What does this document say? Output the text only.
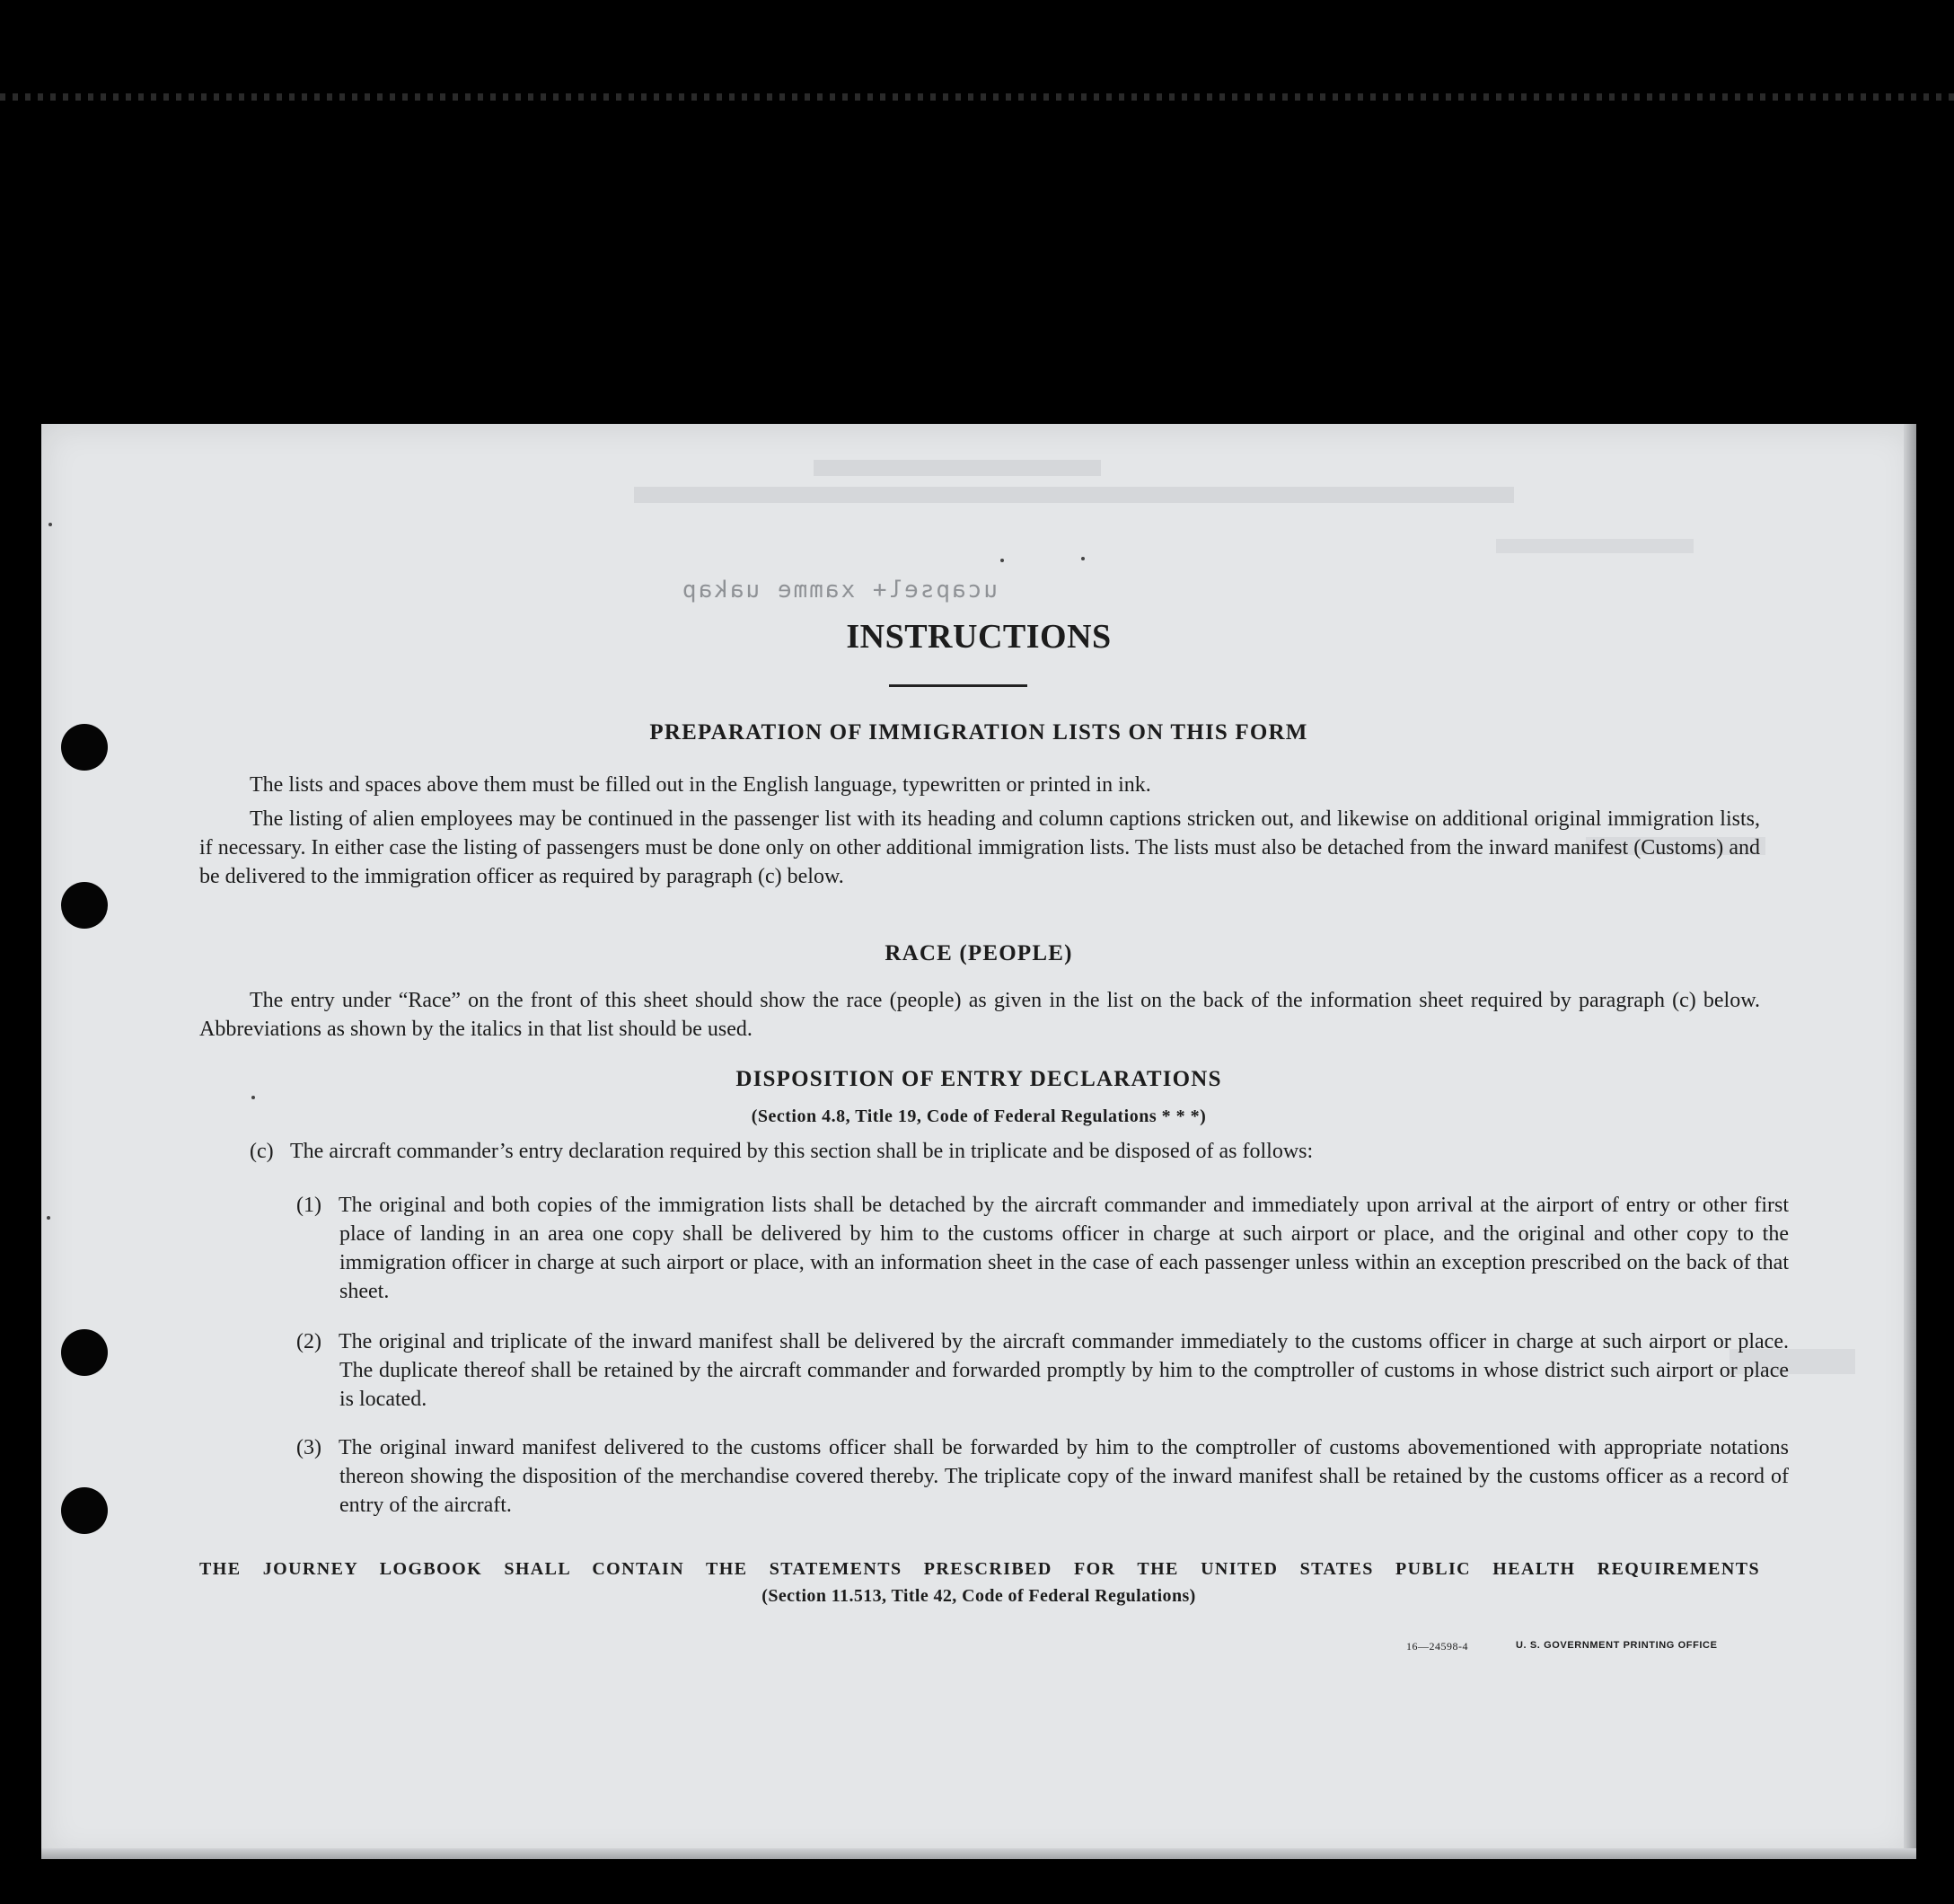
ucapsel+ xamme uakap
INSTRUCTIONS
PREPARATION OF IMMIGRATION LISTS ON THIS FORM

The lists and spaces above them must be filled out in the English language, typewritten or printed in ink.

The listing of alien employees may be continued in the passenger list with its heading and column captions stricken out, and likewise on additional original immigration lists, if necessary. In either case the listing of passengers must be done only on other additional immigration lists. The lists must also be detached from the inward manifest (Customs) and be delivered to the immigration officer as required by paragraph (c) below.

RACE (PEOPLE)

The entry under “Race” on the front of this sheet should show the race (people) as given in the list on the back of the information sheet required by paragraph (c) below. Abbreviations as shown by the italics in that list should be used.

DISPOSITION OF ENTRY DECLARATIONS
(Section 4.8, Title 19, Code of Federal Regulations * * *)

(c) The aircraft commander’s entry declaration required by this section shall be in triplicate and be disposed of as follows:

(1) The original and both copies of the immigration lists shall be detached by the aircraft commander and immediately upon arrival at the airport of entry or other first place of landing in an area one copy shall be delivered by him to the customs officer in charge at such airport or place, and the original and other copy to the immigration officer in charge at such airport or place, with an information sheet in the case of each passenger unless within an exception prescribed on the back of that sheet.

(2) The original and triplicate of the inward manifest shall be delivered by the aircraft commander immediately to the customs officer in charge at such airport or place. The duplicate thereof shall be retained by the aircraft commander and forwarded promptly by him to the comptroller of customs in whose district such airport or place is located.

(3) The original inward manifest delivered to the customs officer shall be forwarded by him to the comptroller of customs abovementioned with appropriate notations thereon showing the disposition of the merchandise covered thereby. The triplicate copy of the inward manifest shall be retained by the customs officer as a record of entry of the aircraft.

THE JOURNEY LOGBOOK SHALL CONTAIN THE STATEMENTS PRESCRIBED FOR THE UNITED STATES PUBLIC HEALTH REQUIREMENTS
(Section 11.513, Title 42, Code of Federal Regulations)
16—24598-4	U. S. GOVERNMENT PRINTING OFFICE
